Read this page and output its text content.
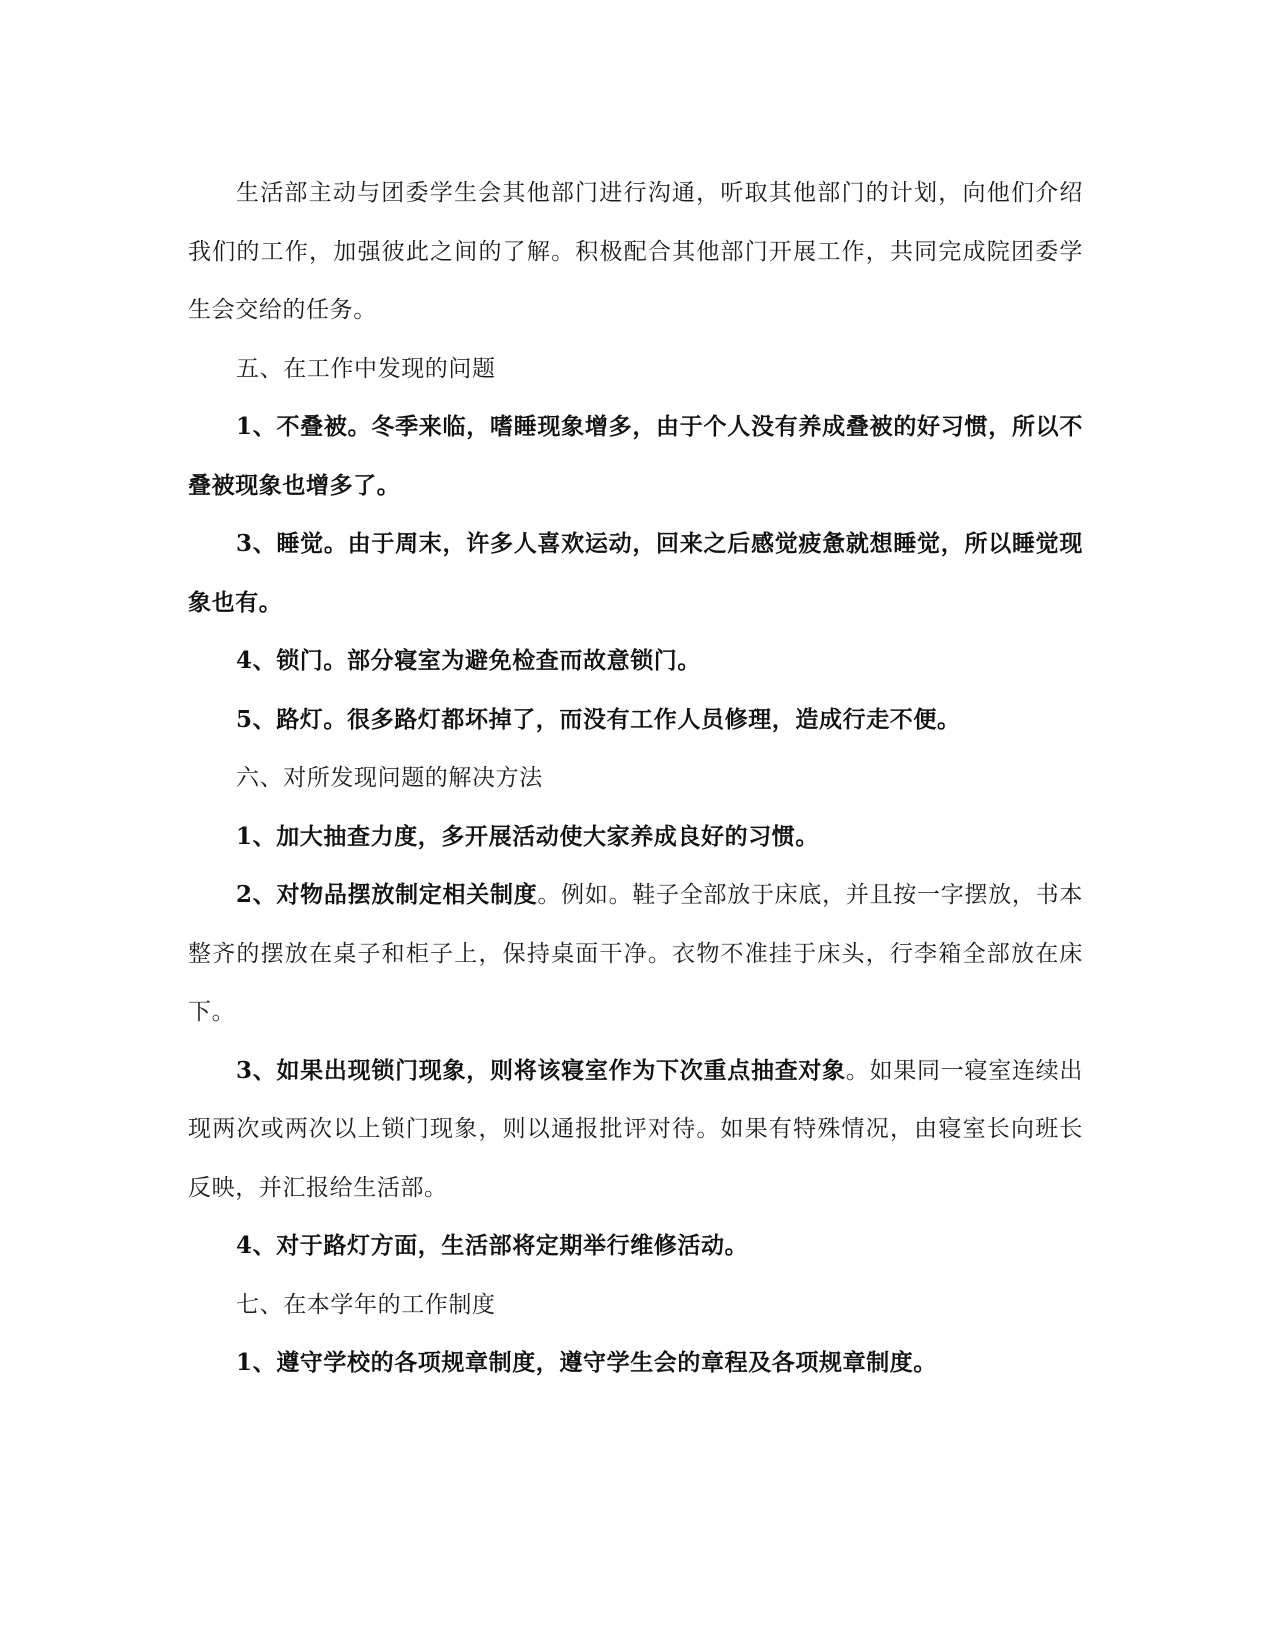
生活部主动与团委学生会其他部门进行沟通，听取其他部门的计划，向他们介绍我们的工作，加强彼此之间的了解。积极配合其他部门开展工作，共同完成院团委学生会交给的任务。

五、在工作中发现的问题

1、不叠被。冬季来临，嗜睡现象增多，由于个人没有养成叠被的好习惯，所以不叠被现象也增多了。

3、睡觉。由于周末，许多人喜欢运动，回来之后感觉疲惫就想睡觉，所以睡觉现象也有。

4、锁门。部分寝室为避免检查而故意锁门。

5、路灯。很多路灯都坏掉了，而没有工作人员修理，造成行走不便。

六、对所发现问题的解决方法

1、加大抽查力度，多开展活动使大家养成良好的习惯。

2、对物品摆放制定相关制度。例如。鞋子全部放于床底，并且按一字摆放，书本整齐的摆放在桌子和柜子上，保持桌面干净。衣物不准挂于床头，行李箱全部放在床下。

3、如果出现锁门现象，则将该寝室作为下次重点抽查对象。如果同一寝室连续出现两次或两次以上锁门现象，则以通报批评对待。如果有特殊情况，由寝室长向班长反映，并汇报给生活部。

4、对于路灯方面，生活部将定期举行维修活动。

七、在本学年的工作制度

1、遵守学校的各项规章制度，遵守学生会的章程及各项规章制度。
